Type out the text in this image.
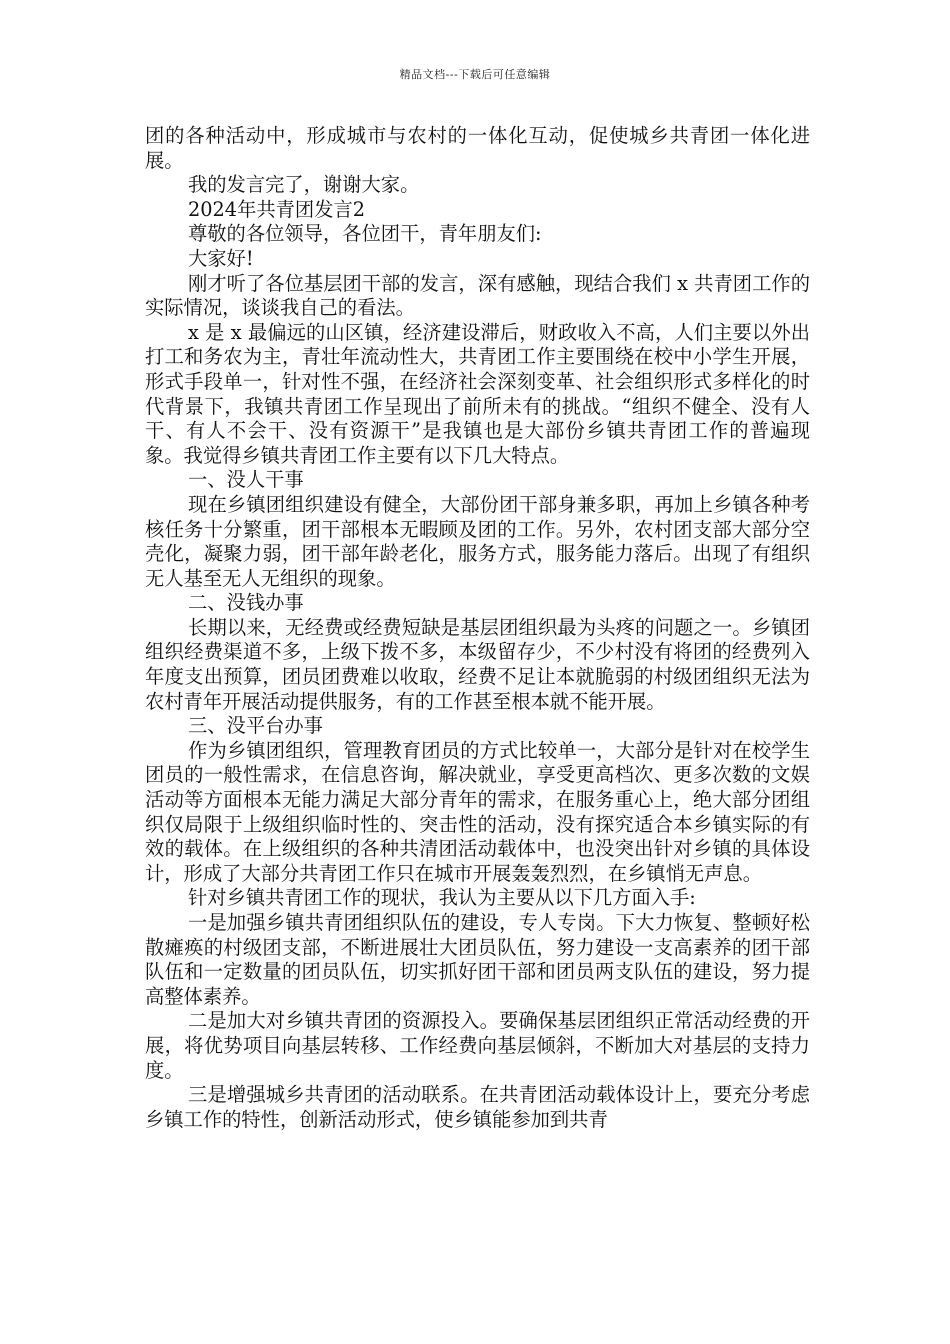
精品文档---下载后可任意编辑

团的各种活动中，形成城市与农村的一体化互动，促使城乡共青团一体化进展。

我的发言完了，谢谢大家。

2024年共青团发言2

尊敬的各位领导，各位团干，青年朋友们:

大家好!

刚才听了各位基层团干部的发言，深有感触，现结合我们 x 共青团工作的实际情况，谈谈我自己的看法。

x 是 x 最偏远的山区镇，经济建设滞后，财政收入不高，人们主要以外出打工和务农为主，青壮年流动性大，共青团工作主要围绕在校中小学生开展，形式手段单一，针对性不强，在经济社会深刻变革、社会组织形式多样化的时代背景下，我镇共青团工作呈现出了前所未有的挑战。“组织不健全、没有人干、有人不会干、没有资源干”是我镇也是大部份乡镇共青团工作的普遍现象。我觉得乡镇共青团工作主要有以下几大特点。

一、没人干事

现在乡镇团组织建设有健全，大部份团干部身兼多职，再加上乡镇各种考核任务十分繁重，团干部根本无暇顾及团的工作。另外，农村团支部大部分空壳化，凝聚力弱，团干部年龄老化，服务方式，服务能力落后。出现了有组织无人基至无人无组织的现象。

二、没钱办事

长期以来，无经费或经费短缺是基层团组织最为头疼的问题之一。乡镇团组织经费渠道不多，上级下拨不多，本级留存少，不少村没有将团的经费列入年度支出预算，团员团费难以收取，经费不足让本就脆弱的村级团组织无法为农村青年开展活动提供服务，有的工作甚至根本就不能开展。

三、没平台办事

作为乡镇团组织，管理教育团员的方式比较单一，大部分是针对在校学生团员的一般性需求，在信息咨询，解决就业，享受更高档次、更多次数的文娱活动等方面根本无能力满足大部分青年的需求，在服务重心上，绝大部分团组织仅局限于上级组织临时性的、突击性的活动，没有探究适合本乡镇实际的有效的载体。在上级组织的各种共清团活动载体中，也没突出针对乡镇的具体设计，形成了大部分共青团工作只在城市开展轰轰烈烈，在乡镇悄无声息。

针对乡镇共青团工作的现状，我认为主要从以下几方面入手:

一是加强乡镇共青团组织队伍的建设，专人专岗。下大力恢复、整顿好松散瘫痪的村级团支部，不断进展壮大团员队伍，努力建设一支高素养的团干部队伍和一定数量的团员队伍，切实抓好团干部和团员两支队伍的建设，努力提高整体素养。

二是加大对乡镇共青团的资源投入。要确保基层团组织正常活动经费的开展，将优势项目向基层转移、工作经费向基层倾斜，不断加大对基层的支持力度。

三是增强城乡共青团的活动联系。在共青团活动载体设计上，要充分考虑乡镇工作的特性，创新活动形式，使乡镇能参加到共青
